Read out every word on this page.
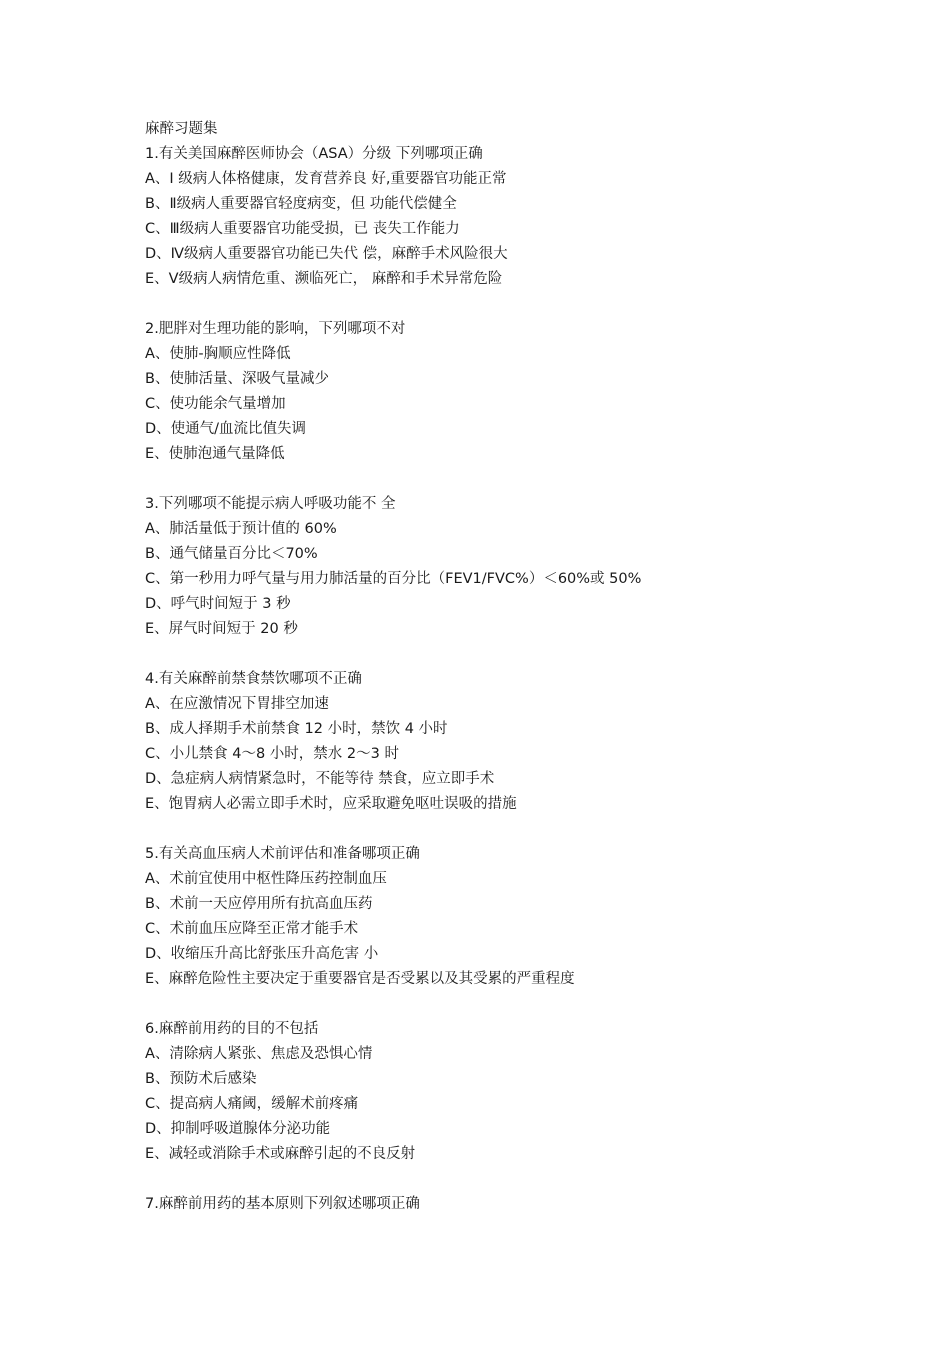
麻醉习题集
1.有关美国麻醉医师协会（ASA）分级 下列哪项正确
A、I 级病人体格健康，发育营养良 好,重要器官功能正常
B、Ⅱ级病人重要器官轻度病变，但 功能代偿健全
C、Ⅲ级病人重要器官功能受损，已 丧失工作能力
D、Ⅳ级病人重要器官功能已失代 偿，麻醉手术风险很大
E、Ⅴ级病人病情危重、濒临死亡， 麻醉和手术异常危险
2.肥胖对生理功能的影响，下列哪项不对
A、使肺-胸顺应性降低
B、使肺活量、深吸气量减少
C、使功能余气量增加
D、使通气/血流比值失调
E、使肺泡通气量降低
3.下列哪项不能提示病人呼吸功能不 全
A、肺活量低于预计值的 60%
B、通气储量百分比＜70%
C、第一秒用力呼气量与用力肺活量的百分比（FEV1/FVC%）＜60%或 50%
D、呼气时间短于 3 秒
E、屏气时间短于 20 秒
4.有关麻醉前禁食禁饮哪项不正确
A、在应激情况下胃排空加速
B、成人择期手术前禁食 12 小时，禁饮 4 小时
C、小儿禁食 4～8 小时，禁水 2～3 时
D、急症病人病情紧急时，不能等待 禁食，应立即手术
E、饱胃病人必需立即手术时，应采取避免呕吐误吸的措施
5.有关高血压病人术前评估和准备哪项正确
A、术前宜使用中枢性降压药控制血压
B、术前一天应停用所有抗高血压药
C、术前血压应降至正常才能手术
D、收缩压升高比舒张压升高危害 小
E、麻醉危险性主要决定于重要器官是否受累以及其受累的严重程度
6.麻醉前用药的目的不包括
A、清除病人紧张、焦虑及恐惧心情
B、预防术后感染
C、提高病人痛阈，缓解术前疼痛
D、抑制呼吸道腺体分泌功能
E、减轻或消除手术或麻醉引起的不良反射
7.麻醉前用药的基本原则下列叙述哪项正确
